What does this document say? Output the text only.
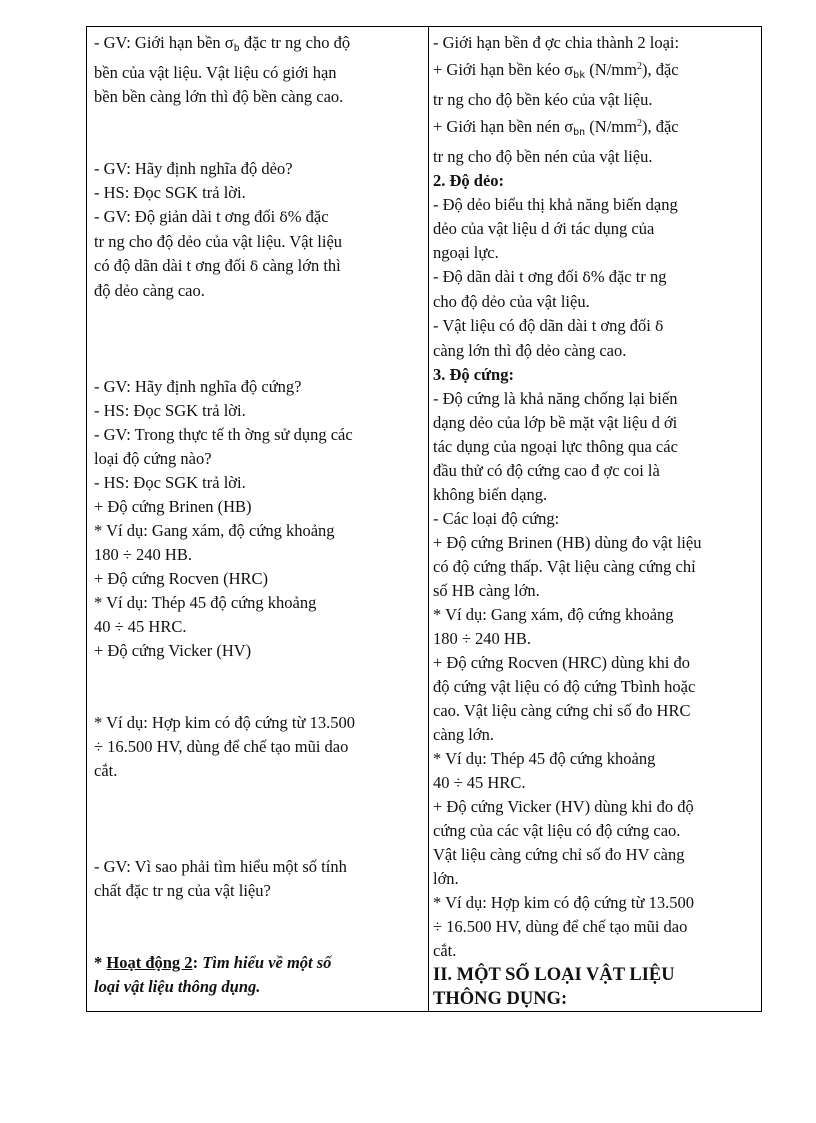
- GV: Giới hạn bền $\sigma_b$ đặc tr ng cho độ

bền của vật liệu. Vật liệu có giới hạn

bền bền càng lớn thì độ bền càng cao.

- GV: Hãy định nghĩa độ dẻo?

- HS: Đọc SGK trả lời.

- GV: Độ giản dài t ơng đối δ% đặc

tr ng cho độ dẻo của vật liệu. Vật liệu

có độ dãn dài t ơng đối δ càng lớn thì

độ dẻo càng cao.

- GV: Hãy định nghĩa độ cứng?

- HS: Đọc SGK trả lời.

- GV: Trong thực tế th ờng sử dụng các

loại độ cứng nào?

- HS: Đọc SGK trả lời.

+ Độ cứng Brinen (HB)

* Ví dụ: Gang xám, độ cứng khoảng

180 ÷ 240 HB.

+ Độ cứng Rocven (HRC)

* Ví dụ: Thép 45 độ cứng khoảng

40 ÷ 45 HRC.

+ Độ cứng Vicker (HV)

* Ví dụ: Hợp kim có độ cứng từ 13.500

÷ 16.500 HV, dùng để chế tạo mũi dao

cắt.

- GV: Vì sao phải tìm hiểu một số tính

chất đặc tr ng của vật liệu?

* Hoạt động 2: Tìm hiểu về một số

loại vật liệu thông dụng.

- Giới hạn bền đ ợc chia thành 2 loại:

+ Giới hạn bền kéo $\sigma_{bk}$ $(N/mm^2)$, đặc

tr ng cho độ bền kéo của vật liệu.

+ Giới hạn bền nén $\sigma_{bn}$ $(N/mm^2)$, đặc

tr ng cho độ bền nén của vật liệu.

2. Độ dẻo:

- Độ dẻo biểu thị khả năng biến dạng

dẻo của vật liệu d ới tác dụng của

ngoại lực.

- Độ dãn dài t ơng đối δ% đặc tr ng

cho độ dẻo của vật liệu.

- Vật liệu có độ dãn dài t ơng đối δ

càng lớn thì độ dẻo càng cao.

3. Độ cứng:

- Độ cứng là khả năng chống lại biến

dạng dẻo của lớp bề mặt vật liệu d ới

tác dụng của ngoại lực thông qua các

đầu thử có độ cứng cao đ ợc coi là

không biến dạng.

- Các loại độ cứng:

+ Độ cứng Brinen (HB) dùng đo vật liệu

có độ cứng thấp. Vật liệu càng cứng chỉ

số HB càng lớn.

* Ví dụ: Gang xám, độ cứng khoảng

180 ÷ 240 HB.

+ Độ cứng Rocven (HRC) dùng khi đo

độ cứng vật liệu có độ cứng Tbình hoặc

cao. Vật liệu càng cứng chỉ số đo HRC

càng lớn.

* Ví dụ: Thép 45 độ cứng khoảng

40 ÷ 45 HRC.

+ Độ cứng Vicker (HV) dùng khi đo độ

cứng của các vật liệu có độ cứng cao.

Vật liệu càng cứng chỉ số đo HV càng

lớn.

* Ví dụ: Hợp kim có độ cứng từ 13.500

÷ 16.500 HV, dùng để chế tạo mũi dao

cắt.

II. MỘT SỐ LOẠI VẬT LIỆU

THÔNG DỤNG:
